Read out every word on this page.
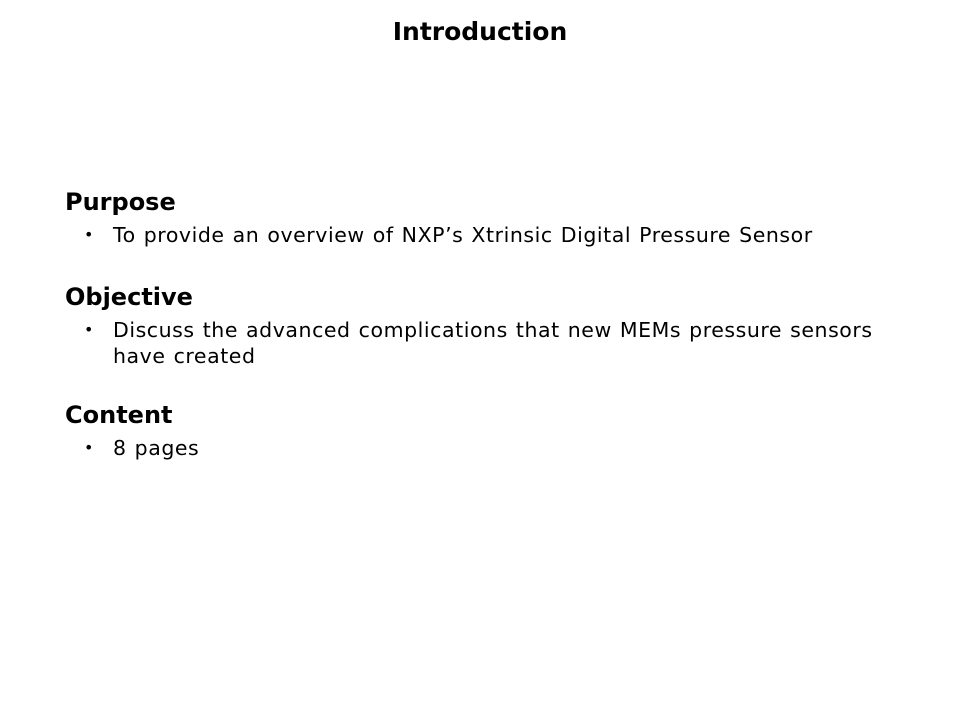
Introduction
Purpose
• To provide an overview of NXP’s Xtrinsic Digital Pressure Sensor
Objective
• Discuss the advanced complications that new MEMs pressure sensors have created
Content
• 8 pages
